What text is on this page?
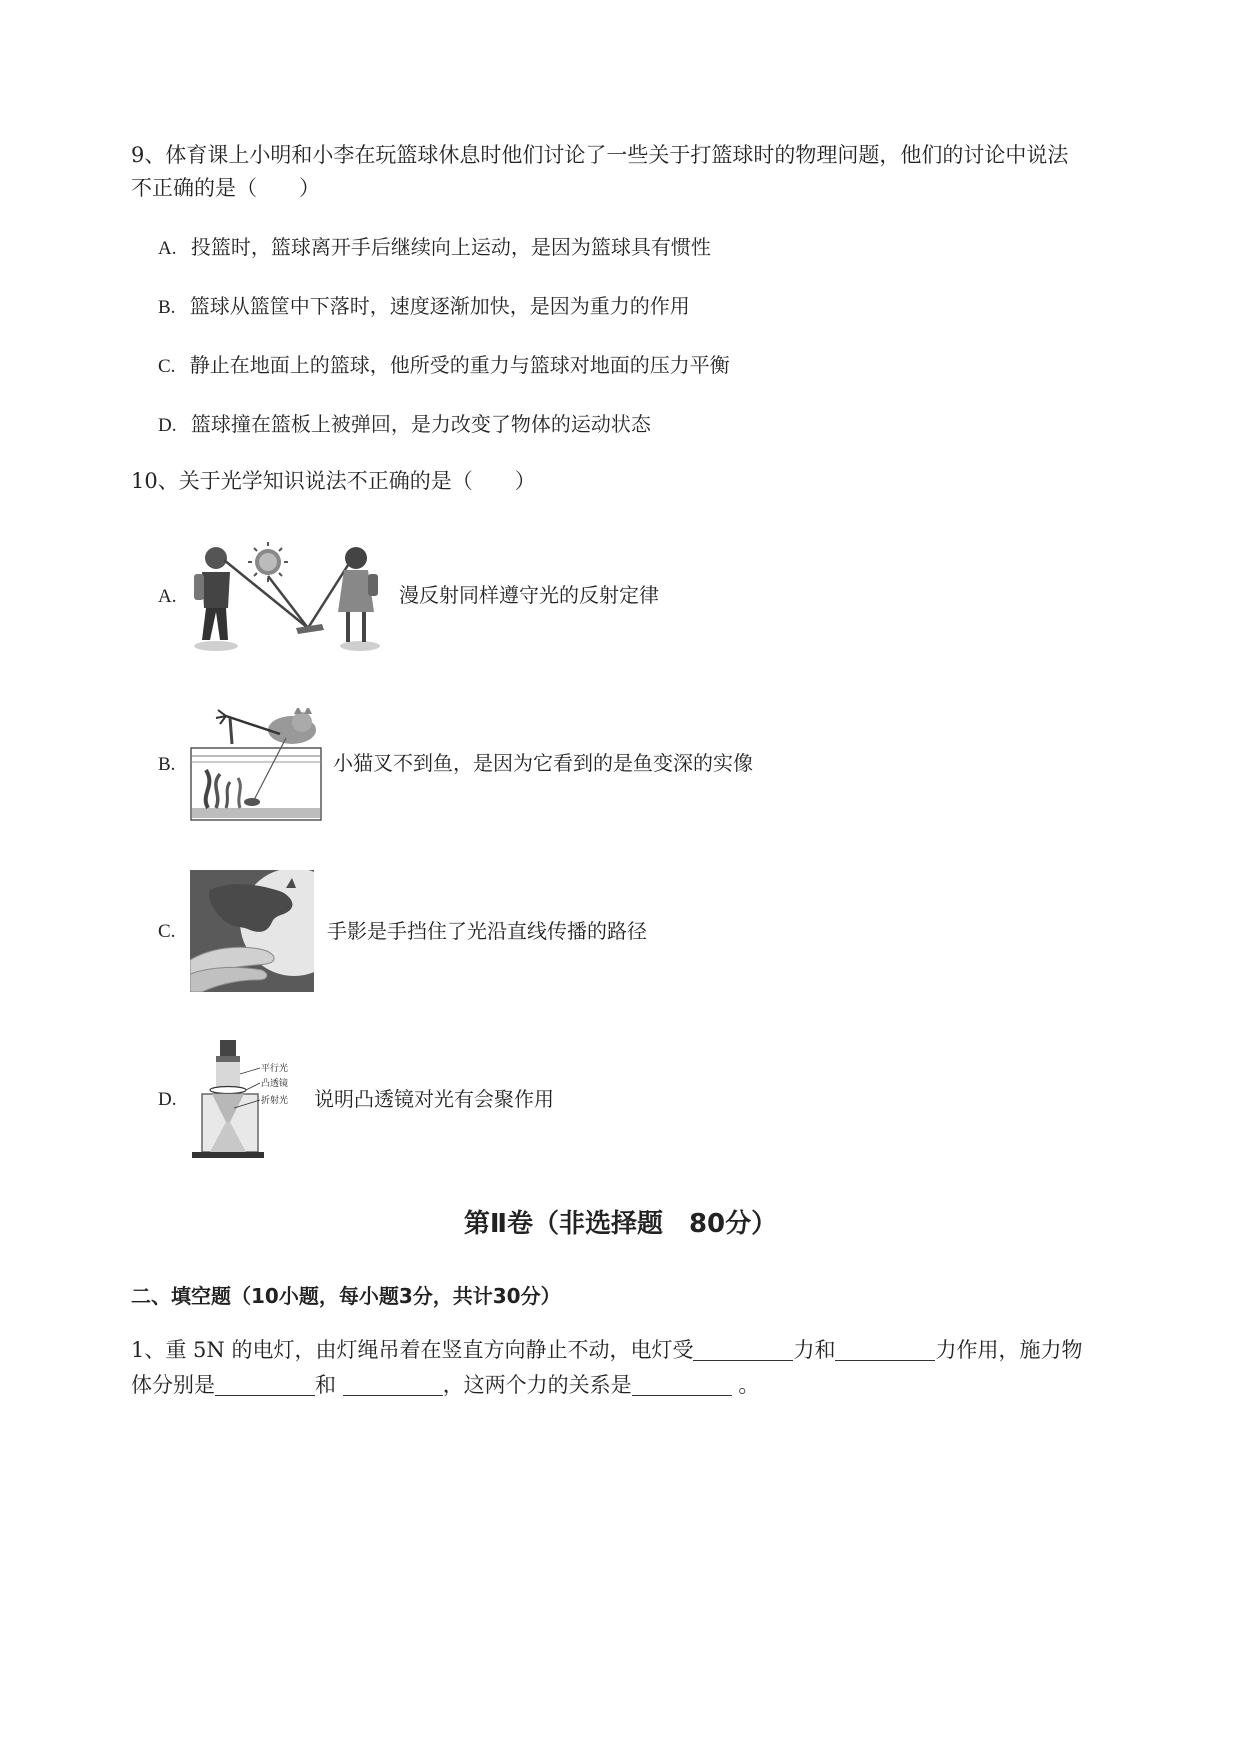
9、体育课上小明和小李在玩篮球休息时他们讨论了一些关于打篮球时的物理问题，他们的讨论中说法
不正确的是（　　）
A. 投篮时，篮球离开手后继续向上运动，是因为篮球具有惯性
B. 篮球从篮筐中下落时，速度逐渐加快，是因为重力的作用
C. 静止在地面上的篮球，他所受的重力与篮球对地面的压力平衡
D. 篮球撞在篮板上被弹回，是力改变了物体的运动状态
10、关于光学知识说法不正确的是（　　）
A.	漫反射同样遵守光的反射定律
B.	小猫叉不到鱼，是因为它看到的是鱼变深的实像
C.	手影是手挡住了光沿直线传播的路径
D.
平行光
凸透镜
折射光 说明凸透镜对光有会聚作用
第Ⅱ卷（非选择题　80分）
二、填空题（10小题，每小题3分，共计30分）
1、重 5N 的电灯，由灯绳吊着在竖直方向静止不动，电灯受	力和	力作用，施力物
体分别是	和	，这两个力的关系是	。
